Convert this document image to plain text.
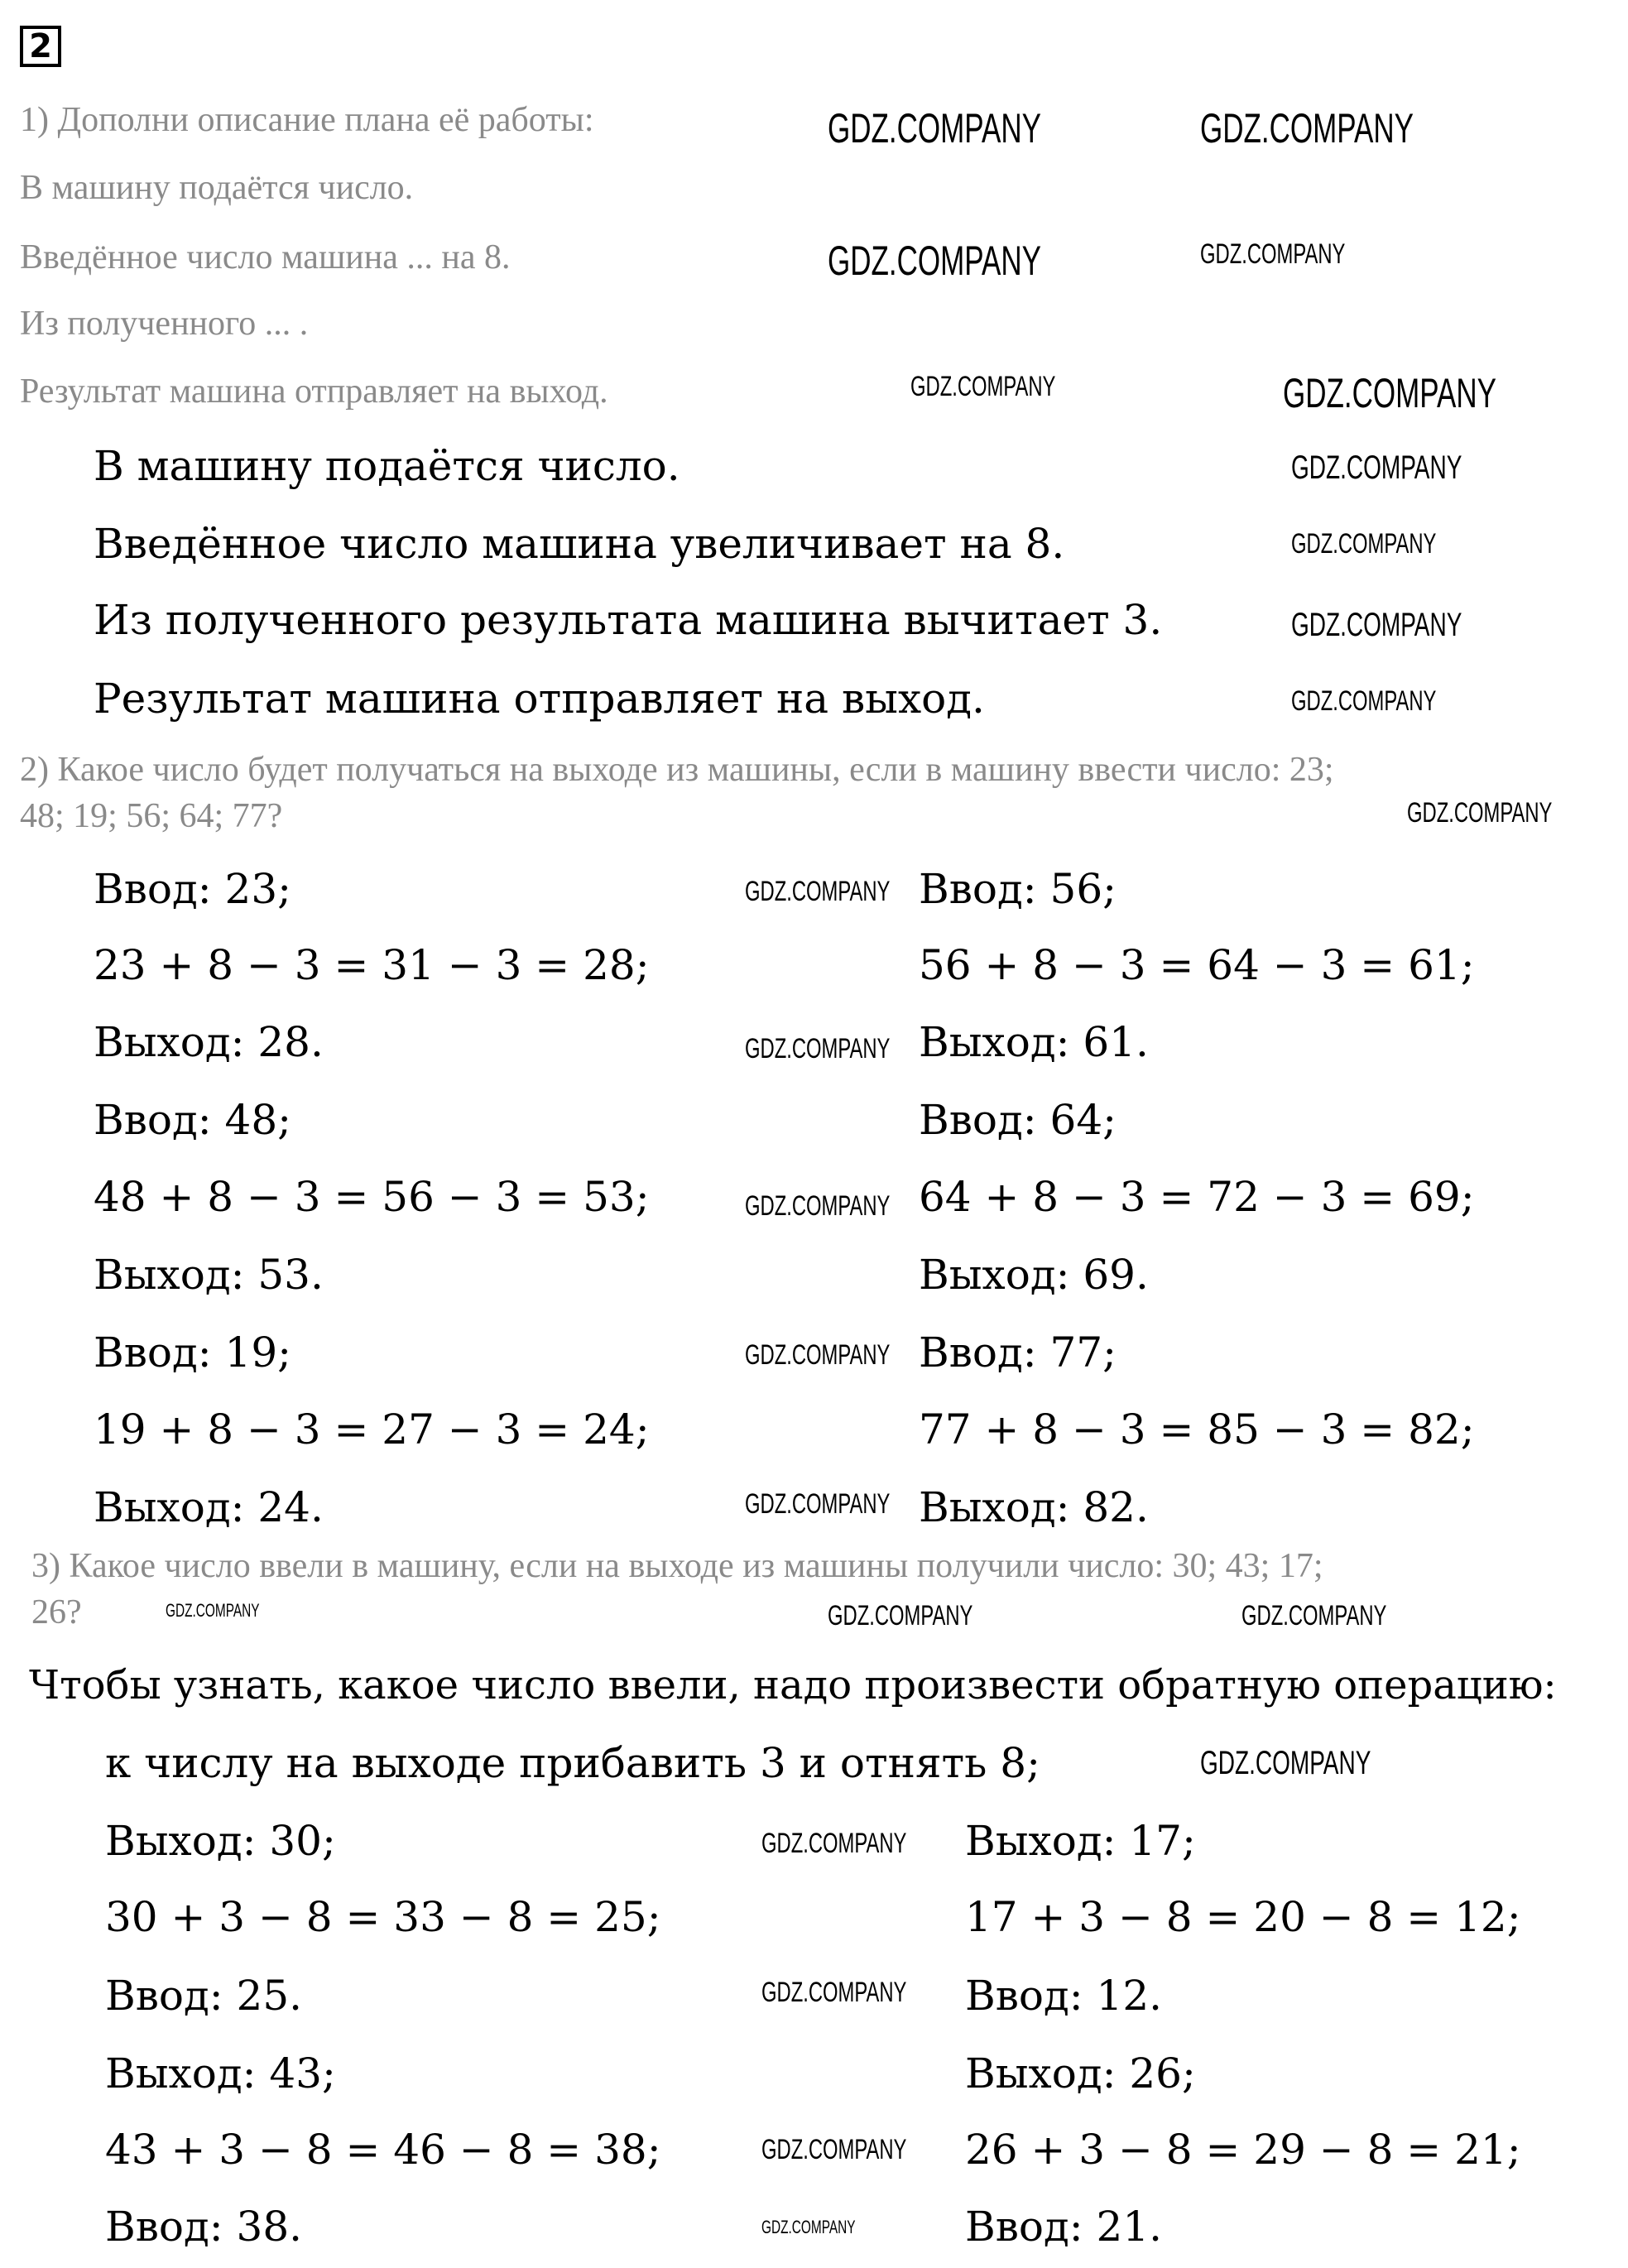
2
1) Дополни описание плана её работы:
В машину подаётся число.
Введённое число машина ... на 8.
Из полученного ... .
Результат машина отправляет на выход.
В машину подаётся число.
Введённое число машина увеличивает на 8.
Из полученного результата машина вычитает 3.
Результат машина отправляет на выход.
2) Какое число будет получаться на выходе из машины, если в машину ввести число: 23;
48; 19; 56; 64; 77?
Ввод: 23;
23 + 8 − 3 = 31 − 3 = 28;
Выход: 28.
Ввод: 48;
48 + 8 − 3 = 56 − 3 = 53;
Выход: 53.
Ввод: 19;
19 + 8 − 3 = 27 − 3 = 24;
Выход: 24.
Ввод: 56;
56 + 8 − 3 = 64 − 3 = 61;
Выход: 61.
Ввод: 64;
64 + 8 − 3 = 72 − 3 = 69;
Выход: 69.
Ввод: 77;
77 + 8 − 3 = 85 − 3 = 82;
Выход: 82.
3) Какое число ввели в машину, если на выходе из машины получили число: 30; 43; 17;
26?
Чтобы узнать, какое число ввели, надо произвести обратную операцию:
к числу на выходе прибавить 3 и отнять 8;
Выход: 30;
30 + 3 − 8 = 33 − 8 = 25;
Ввод: 25.
Выход: 43;
43 + 3 − 8 = 46 − 8 = 38;
Ввод: 38.
Выход: 17;
17 + 3 − 8 = 20 − 8 = 12;
Ввод: 12.
Выход: 26;
26 + 3 − 8 = 29 − 8 = 21;
Ввод: 21.
GDZ.COMPANY	GDZ.COMPANY
GDZ.COMPANY	GDZ.COMPANY
GDZ.COMPANY	GDZ.COMPANY
GDZ.COMPANY
GDZ.COMPANY
GDZ.COMPANY
GDZ.COMPANY
GDZ.COMPANY
GDZ.COMPANY
GDZ.COMPANY
GDZ.COMPANY
GDZ.COMPANY
GDZ.COMPANY
GDZ.COMPANY	GDZ.COMPANY	GDZ.COMPANY
GDZ.COMPANY
GDZ.COMPANY
GDZ.COMPANY
GDZ.COMPANY
GDZ.COMPANY
